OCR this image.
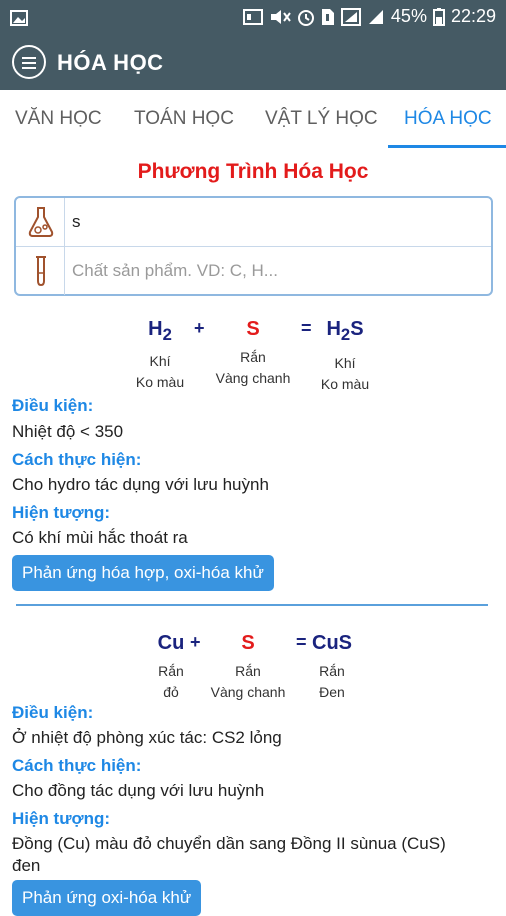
45% 22:29
HÓA HỌC
VĂN HỌC TOÁN HỌC VẬT LÝ HỌC HÓA HỌC
Phương Trình Hóa Học
s
Chất sản phẩm. VD: C, H...
$H_2$
Khí
Ko màu
+	S
Rắn
Vàng chanh
= $H_2S$
Khí
Ko màu
Điều kiện:
Nhiệt độ < 350
Cách thực hiện:
Cho hydro tác dụng với lưu huỳnh
Hiện tượng:
Có khí mùi hắc thoát ra
Phản ứng hóa hợp, oxi-hóa khử
Cu
Rắn
đỏ
+	S
Rắn
Vàng chanh
= CuS
Rắn
Đen
Điều kiện:
Ở nhiệt độ phòng xúc tác: CS2 lỏng
Cách thực hiện:
Cho đồng tác dụng với lưu huỳnh
Hiện tượng:
Đồng (Cu) màu đỏ chuyển dần sang Đồng II sùnua (CuS)
đen
Phản ứng oxi-hóa khử
